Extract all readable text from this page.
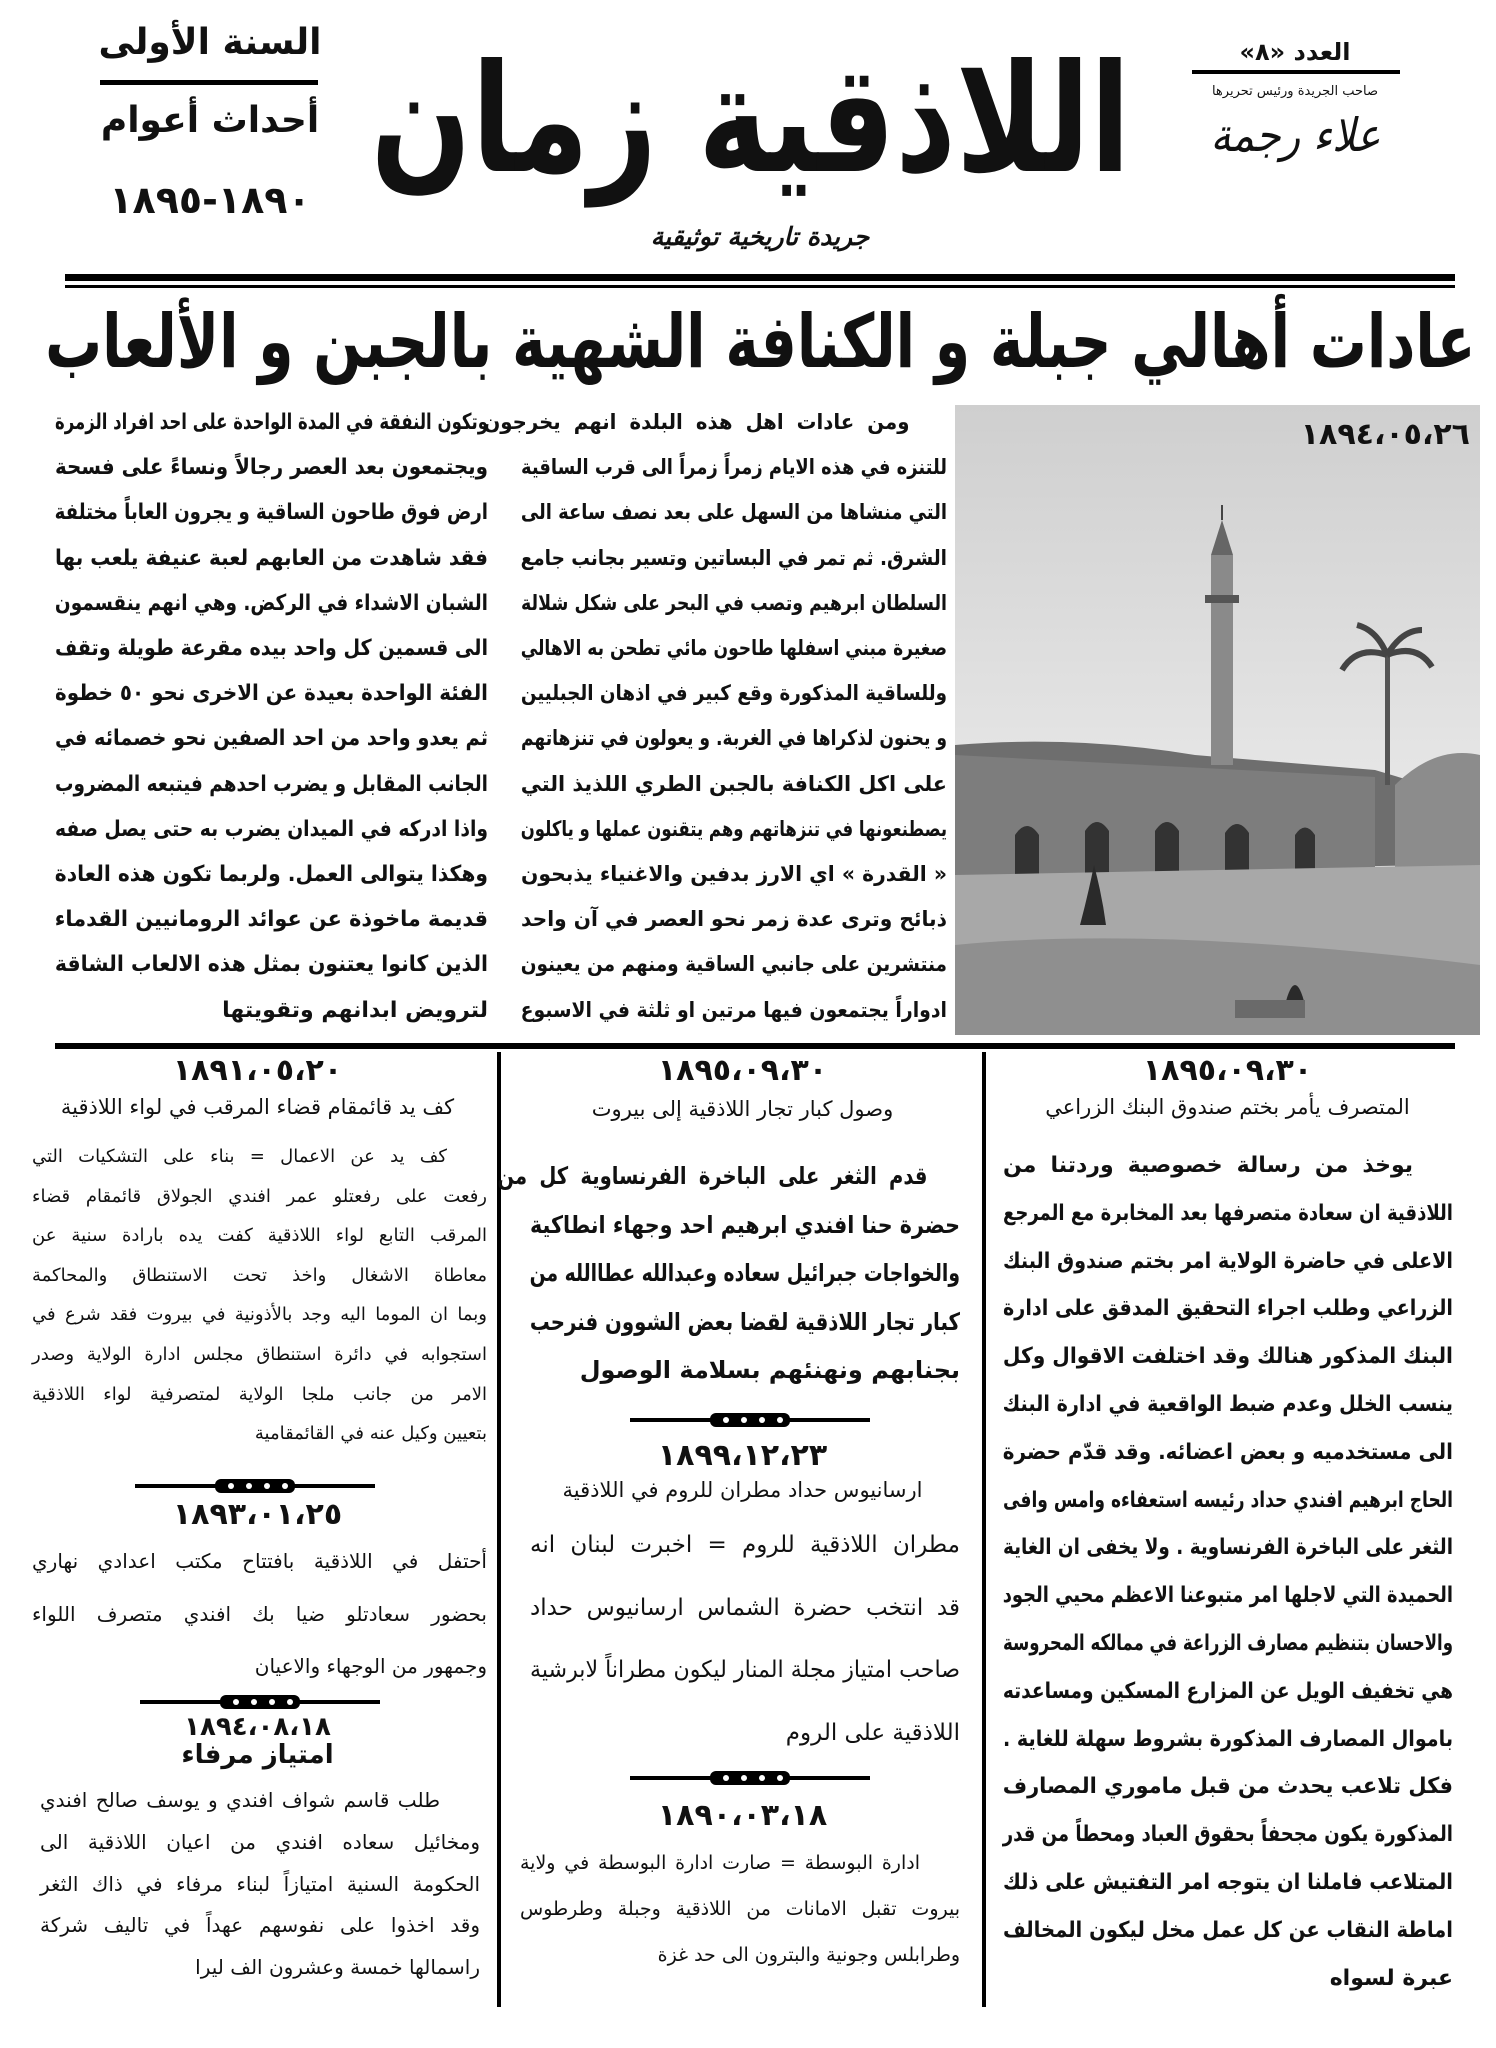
السنة الأولى
أحداث أعوام
١٨٩٠-١٨٩٥ اللاذقية زمان
جريدة تاريخية توثيقية
العدد «٨»
صاحب الجريدة ورئيس تحريرها
علاء رجمة
عادات أهالي جبلة و الكنافة الشهية بالجبن و الألعاب
وتكون النفقة في المدة الواحدة على احد افراد الزمرة
ويجتمعون بعد العصر رجالاً ونساءً على فسحة
ارض فوق طاحون الساقية و يجرون العاباً مختلفة
فقد شاهدت من العابهم لعبة عنيفة يلعب بها
الشبان الاشداء في الركض. وهي انهم ينقسمون
الى قسمين كل واحد بيده مقرعة طويلة وتقف
الفئة الواحدة بعيدة عن الاخرى نحو ٥٠ خطوة
ثم يعدو واحد من احد الصفين نحو خصمائه في
الجانب المقابل و يضرب احدهم فيتبعه المضروب
واذا ادركه في الميدان يضرب به حتى يصل صفه
وهكذا يتوالى العمل. ولربما تكون هذه العادة
قديمة ماخوذة عن عوائد الرومانيين القدماء
الذين كانوا يعتنون بمثل هذه الالعاب الشاقة
لترويض ابدانهم وتقويتها
ومن عادات اهل هذه البلدة انهم يخرجون
للتنزه في هذه الايام زمراً زمراً الى قرب الساقية
التي منشاها من السهل على بعد نصف ساعة الى
الشرق. ثم تمر في البساتين وتسير بجانب جامع
السلطان ابرهيم وتصب في البحر على شكل شلالة
صغيرة مبني اسفلها طاحون مائي تطحن به الاهالي
وللساقية المذكورة وقع كبير في اذهان الجبليين
و يحنون لذكراها في الغربة. و يعولون في تنزهاتهم
على اكل الكنافة بالجبن الطري اللذيذ التي
يصطنعونها في تنزهاتهم وهم يتقنون عملها و ياكلون
« القدرة » اي الارز بدفين والاغنياء يذبحون
ذبائح وترى عدة زمر نحو العصر في آن واحد
منتشرين على جانبي الساقية ومنهم من يعينون
ادواراً يجتمعون فيها مرتين او ثلثة في الاسبوع
١٨٩٤،٠٥،٢٦
١٨٩٥،٠٩،٣٠
المتصرف يأمر بختم صندوق البنك الزراعي
يوخذ من رسالة خصوصية وردتنا من
اللاذقية ان سعادة متصرفها بعد المخابرة مع المرجع
الاعلى في حاضرة الولاية امر بختم صندوق البنك
الزراعي وطلب اجراء التحقيق المدقق على ادارة
البنك المذكور هنالك وقد اختلفت الاقوال وكل
ينسب الخلل وعدم ضبط الواقعية في ادارة البنك
الى مستخدميه و بعض اعضائه. وقد قدّم حضرة
الحاج ابرهيم افندي حداد رئيسه استعفاءه وامس وافى
الثغر على الباخرة الفرنساوية . ولا يخفى ان الغاية
الحميدة التي لاجلها امر متبوعنا الاعظم محيي الجود
والاحسان بتنظيم مصارف الزراعة في ممالكه المحروسة
هي تخفيف الويل عن المزارع المسكين ومساعدته
باموال المصارف المذكورة بشروط سهلة للغاية .
فكل تلاعب يحدث من قبل ماموري المصارف
المذكورة يكون مجحفاً بحقوق العباد ومحطاً من قدر
المتلاعب فاملنا ان يتوجه امر التفتيش على ذلك
اماطة النقاب عن كل عمل مخل ليكون المخالف
عبرة لسواه
١٨٩٥،٠٩،٣٠
وصول كبار تجار اللاذقية إلى بيروت
قدم الثغر على الباخرة الفرنساوية كل من
حضرة حنا افندي ابرهيم احد وجهاء انطاكية
والخواجات جبرائيل سعاده وعبدالله عطاالله من
كبار تجار اللاذقية لقضا بعض الشوون فنرحب
بجنابهم ونهنئهم بسلامة الوصول
١٨٩٩،١٢،٢٣
ارسانيوس حداد مطران للروم في اللاذقية
مطران اللاذقية للروم = اخبرت لبنان انه
قد انتخب حضرة الشماس ارسانيوس حداد
صاحب امتياز مجلة المنار ليكون مطراناً لابرشية
اللاذقية على الروم
١٨٩٠،٠٣،١٨
ادارة البوسطة = صارت ادارة البوسطة في ولاية
بيروت تقبل الامانات من اللاذقية وجبلة وطرطوس
وطرابلس وجونية والبترون الى حد غزة
١٨٩١،٠٥،٢٠
كف يد قائمقام قضاء المرقب في لواء اللاذقية
كف يد عن الاعمال = بناء على التشكيات التي
رفعت على رفعتلو عمر افندي الجولاق قائمقام قضاء
المرقب التابع لواء اللاذقية كفت يده بارادة سنية عن
معاطاة الاشغال واخذ تحت الاستنطاق والمحاكمة
وبما ان الموما اليه وجد بالأذونية في بيروت فقد شرع في
استجوابه في دائرة استنطاق مجلس ادارة الولاية وصدر
الامر من جانب ملجا الولاية لمتصرفية لواء اللاذقية
بتعيين وكيل عنه في القائمقامية
١٨٩٣،٠١،٢٥
أحتفل في اللاذقية بافتتاح مكتب اعدادي نهاري
بحضور سعادتلو ضيا بك افندي متصرف اللواء
وجمهور من الوجهاء والاعيان
١٨٩٤،٠٨،١٨
امتياز مرفاء
طلب قاسم شواف افندي و يوسف صالح افندي
ومخائيل سعاده افندي من اعيان اللاذقية الى
الحكومة السنية امتيازاً لبناء مرفاء في ذاك الثغر
وقد اخذوا على نفوسهم عهداً في تاليف شركة
راسمالها خمسة وعشرون الف ليرا
